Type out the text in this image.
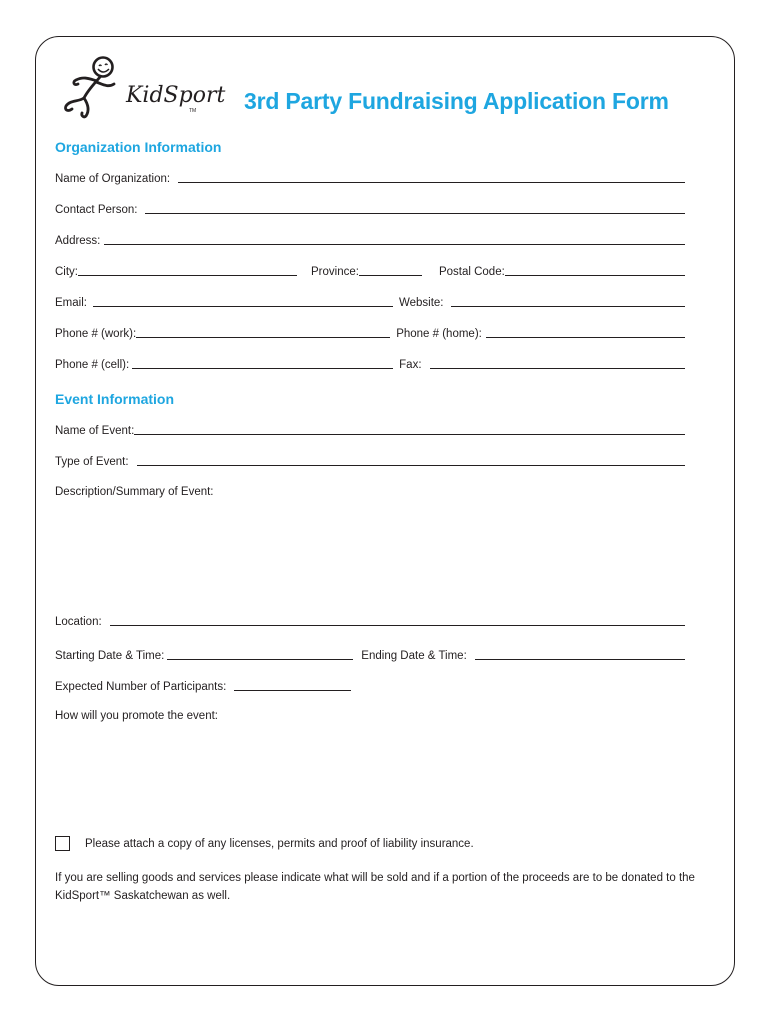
KidSport
TM 3rd Party Fundraising Application Form
Organization Information
Name of Organization:
Contact Person:
Address:
City:	Province:	Postal Code:
Email:	Website:
Phone # (work):	Phone # (home):
Phone # (cell):	Fax:
Event Information
Name of Event:
Type of Event:
Description/Summary of Event:
Location:
Starting Date & Time:	Ending Date & Time:
Expected Number of Participants:
How will you promote the event:
Please attach a copy of any licenses, permits and proof of liability insurance.
If you are selling goods and services please indicate what will be sold and if a portion of the proceeds are to be donated to the KidSport™ Saskatchewan as well.
